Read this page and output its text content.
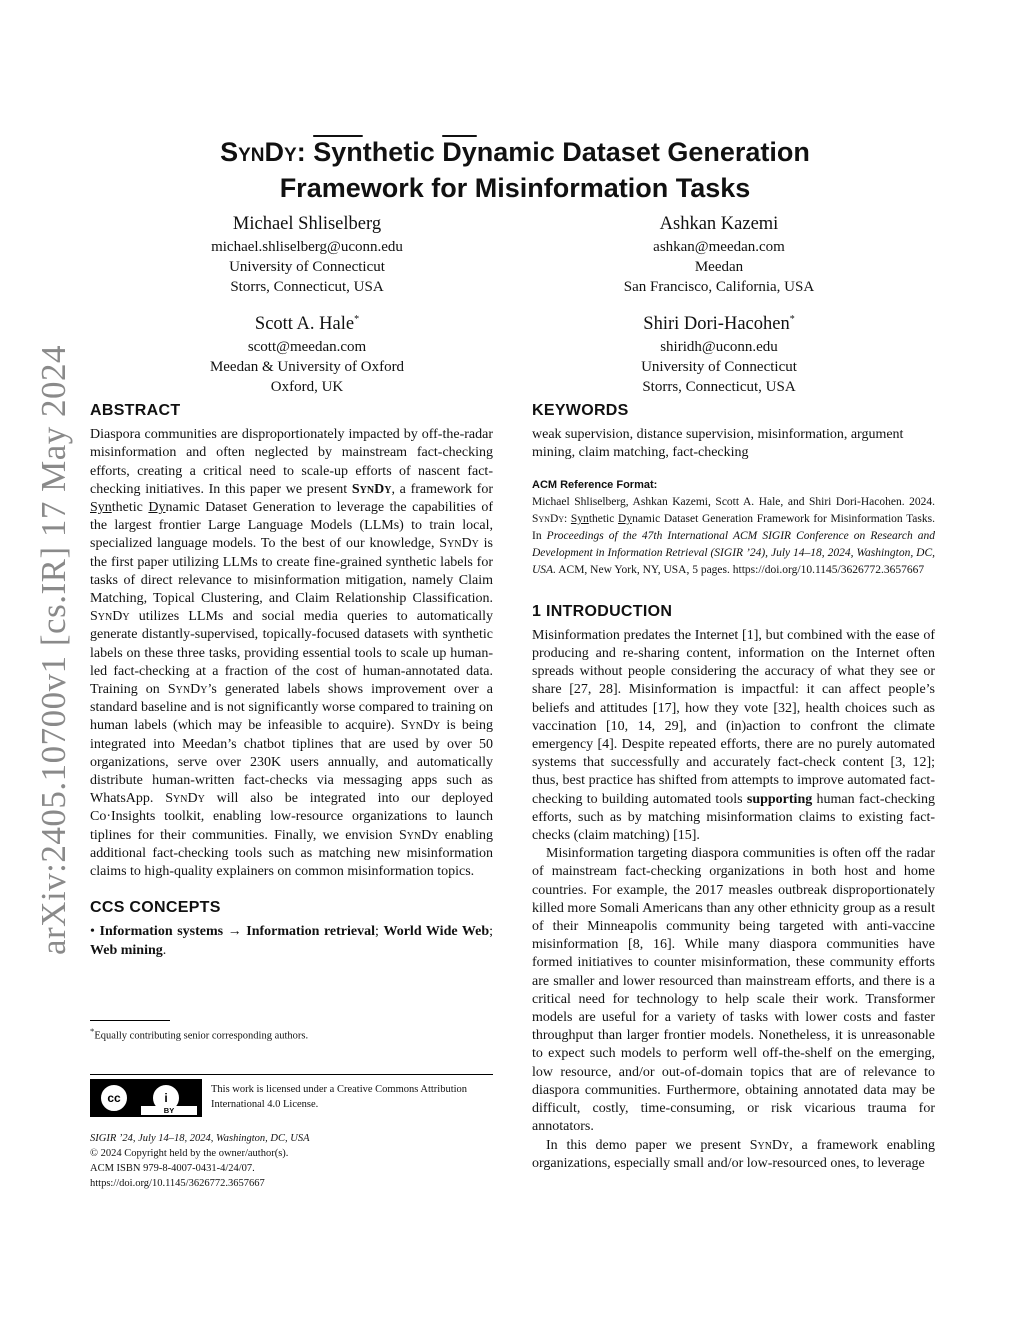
arXiv:2405.10700v1 [cs.IR] 17 May 2024
SynDy: $\overline{Syn}thetic$ $\overline{Dy}namic$ Dataset Generation
Framework for Misinformation Tasks
Michael Shliselberg
michael.shliselberg@uconn.edu
University of Connecticut
Storrs, Connecticut, USA
Ashkan Kazemi
ashkan@meedan.com
Meedan
San Francisco, California, USA
Scott A. Hale*
scott@meedan.com
Meedan & University of Oxford
Oxford, UK
Shiri Dori-Hacohen*
shiridh@uconn.edu
University of Connecticut
Storrs, Connecticut, USA
ABSTRACT

Diaspora communities are disproportionately impacted by off-the-radar misinformation and often neglected by mainstream fact-checking efforts, creating a critical need to scale-up efforts of nascent fact-checking initiatives. In this paper we present SynDy, a framework for Synthetic Dynamic Dataset Generation to leverage the capabilities of the largest frontier Large Language Models (LLMs) to train local, specialized language models. To the best of our knowledge, SynDy is the first paper utilizing LLMs to create fine-grained synthetic labels for tasks of direct relevance to misinformation mitigation, namely Claim Matching, Topical Clustering, and Claim Relationship Classification. SynDy utilizes LLMs and social media queries to automatically generate distantly-supervised, topically-focused datasets with synthetic labels on these three tasks, providing essential tools to scale up human-led fact-checking at a fraction of the cost of human-annotated data. Training on SynDy’s generated labels shows improvement over a standard baseline and is not significantly worse compared to training on human labels (which may be infeasible to acquire). SynDy is being integrated into Meedan’s chatbot tiplines that are used by over 50 organizations, serve over 230K users annually, and automatically distribute human-written fact-checks via messaging apps such as WhatsApp. SynDy will also be integrated into our deployed Co·Insights toolkit, enabling low-resource organizations to launch tiplines for their communities. Finally, we envision SynDy enabling additional fact-checking tools such as matching new misinformation claims to high-quality explainers on common misinformation topics.

CCS CONCEPTS

• Information systems → Information retrieval; World Wide Web; Web mining.

*Equally contributing senior corresponding authors.
cc	i
BY
This work is licensed under a Creative Commons Attribution International 4.0 License.
SIGIR ’24, July 14–18, 2024, Washington, DC, USA
© 2024 Copyright held by the owner/author(s).
ACM ISBN 979-8-4007-0431-4/24/07.
https://doi.org/10.1145/3626772.3657667
KEYWORDS

weak supervision, distance supervision, misinformation, argument mining, claim matching, fact-checking

ACM Reference Format:

Michael Shliselberg, Ashkan Kazemi, Scott A. Hale, and Shiri Dori-Hacohen. 2024. SynDy: Synthetic Dynamic Dataset Generation Framework for Misinformation Tasks. In Proceedings of the 47th International ACM SIGIR Conference on Research and Development in Information Retrieval (SIGIR ’24), July 14–18, 2024, Washington, DC, USA. ACM, New York, NY, USA, 5 pages. https://doi.org/10.1145/3626772.3657667

1 INTRODUCTION

Misinformation predates the Internet [1], but combined with the ease of producing and re-sharing content, information on the Internet often spreads without people considering the accuracy of what they see or share [27, 28]. Misinformation is impactful: it can affect people’s beliefs and attitudes [17], how they vote [32], health choices such as vaccination [10, 14, 29], and (in)action to confront the climate emergency [4]. Despite repeated efforts, there are no purely automated systems that successfully and accurately fact-check content [3, 12]; thus, best practice has shifted from attempts to improve automated fact-checking to building automated tools supporting human fact-checking efforts, such as by matching misinformation claims to existing fact-checks (claim matching) [15].

Misinformation targeting diaspora communities is often off the radar of mainstream fact-checking organizations in both host and home countries. For example, the 2017 measles outbreak disproportionately killed more Somali Americans than any other ethnicity group as a result of their Minneapolis community being targeted with anti-vaccine misinformation [8, 16]. While many diaspora communities have formed initiatives to counter misinformation, these community efforts are smaller and lower resourced than mainstream efforts, and there is a critical need for technology to help scale their work. Transformer models are useful for a variety of tasks with lower costs and faster throughput than larger frontier models. Nonetheless, it is unreasonable to expect such models to perform well off-the-shelf on the emerging, low resource, and/or out-of-domain topics that are of relevance to diaspora communities. Furthermore, obtaining annotated data may be difficult, costly, time-consuming, or risk vicarious trauma for annotators.

In this demo paper we present SynDy, a framework enabling organizations, especially small and/or low-resourced ones, to leverage
